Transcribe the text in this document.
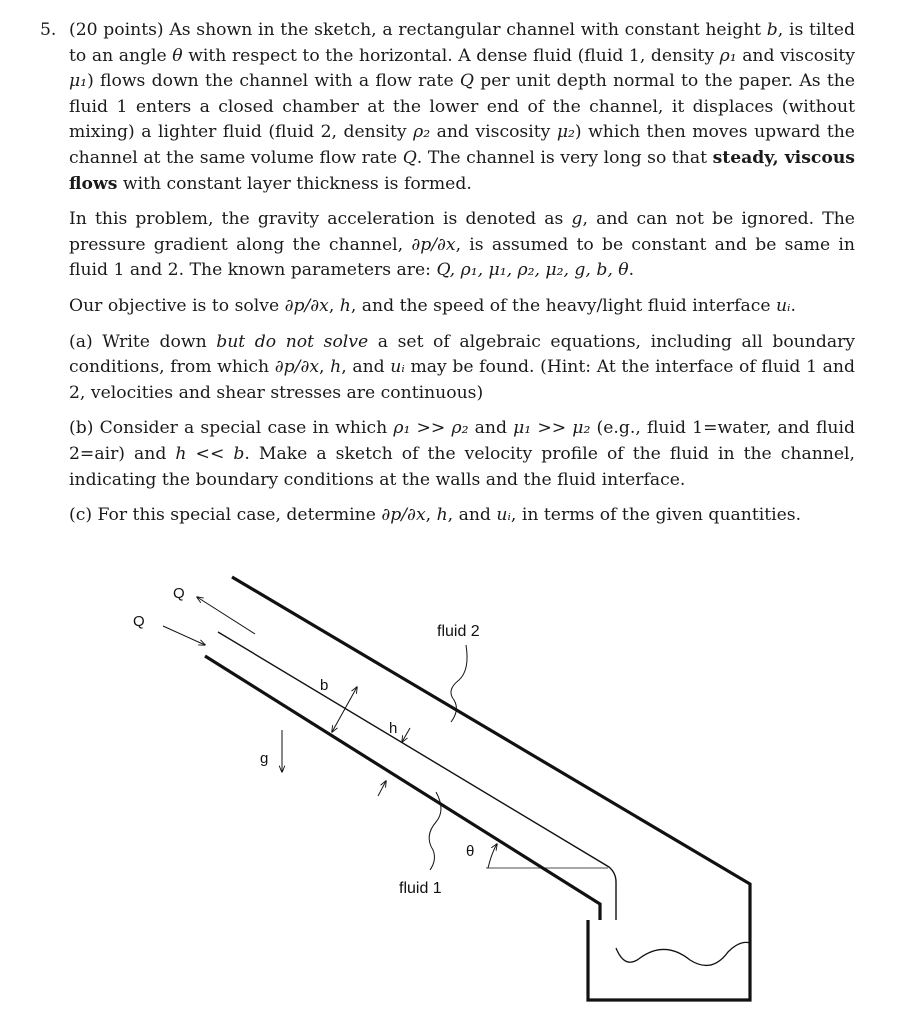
5. (20 points) As shown in the sketch, a rectangular channel with constant height b, is tilted to an angle θ with respect to the horizontal. A dense fluid (fluid 1, density ρ₁ and viscosity μ₁) flows down the channel with a flow rate Q per unit depth normal to the paper. As the fluid 1 enters a closed chamber at the lower end of the channel, it displaces (without mixing) a lighter fluid (fluid 2, density ρ₂ and viscosity μ₂) which then moves upward the channel at the same volume flow rate Q. The channel is very long so that steady, viscous flows with constant layer thickness is formed.

In this problem, the gravity acceleration is denoted as g, and can not be ignored. The pressure gradient along the channel, ∂p/∂x, is assumed to be constant and be same in fluid 1 and 2. The known parameters are: Q, ρ₁, μ₁, ρ₂, μ₂, g, b, θ.

Our objective is to solve ∂p/∂x, h, and the speed of the heavy/light fluid interface uᵢ.

(a) Write down but do not solve a set of algebraic equations, including all boundary conditions, from which ∂p/∂x, h, and uᵢ may be found. (Hint: At the interface of fluid 1 and 2, velocities and shear stresses are continuous)

(b) Consider a special case in which ρ₁ >> ρ₂ and μ₁ >> μ₂ (e.g., fluid 1=water, and fluid 2=air) and h << b. Make a sketch of the velocity profile of the fluid in the channel, indicating the boundary conditions at the walls and the fluid interface.

(c) For this special case, determine ∂p/∂x, h, and uᵢ, in terms of the given quantities.

Q
Q
b
h
g
fluid 2
fluid 1
θ
